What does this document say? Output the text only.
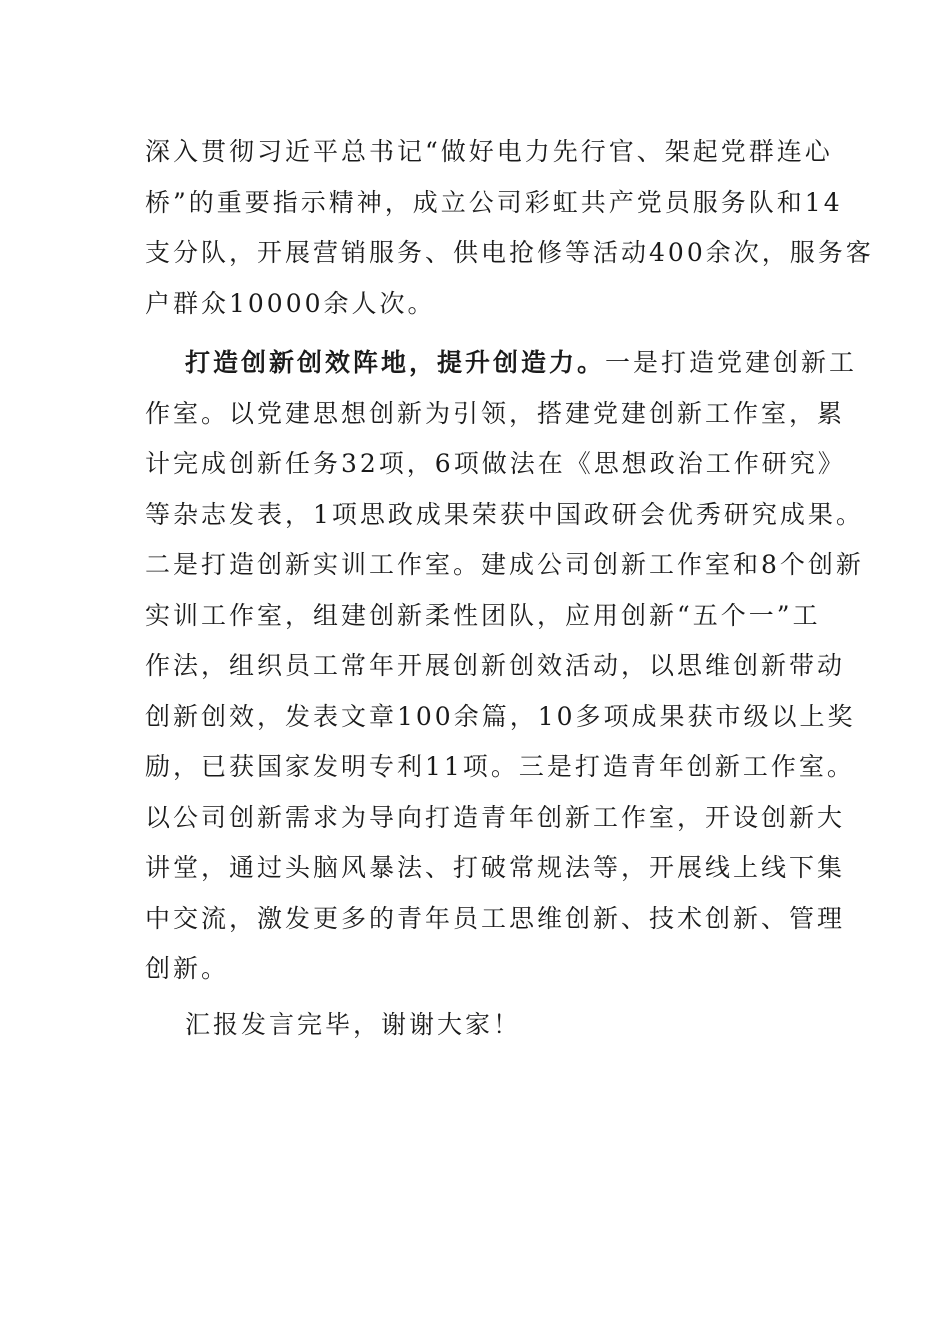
深入贯彻习近平总书记“做好电力先行官、架起党群连心
桥”的重要指示精神，成立公司彩虹共产党员服务队和14
支分队，开展营销服务、供电抢修等活动400余次，服务客
户群众10000余人次。
打造创新创效阵地，提升创造力。一是打造党建创新工
作室。以党建思想创新为引领，搭建党建创新工作室，累
计完成创新任务32项，6项做法在《思想政治工作研究》
等杂志发表，1项思政成果荣获中国政研会优秀研究成果。
二是打造创新实训工作室。建成公司创新工作室和8个创新
实训工作室，组建创新柔性团队，应用创新“五个一”工
作法，组织员工常年开展创新创效活动，以思维创新带动
创新创效，发表文章100余篇，10多项成果获市级以上奖
励，已获国家发明专利11项。三是打造青年创新工作室。
以公司创新需求为导向打造青年创新工作室，开设创新大
讲堂，通过头脑风暴法、打破常规法等，开展线上线下集
中交流，激发更多的青年员工思维创新、技术创新、管理
创新。
汇报发言完毕，谢谢大家！
